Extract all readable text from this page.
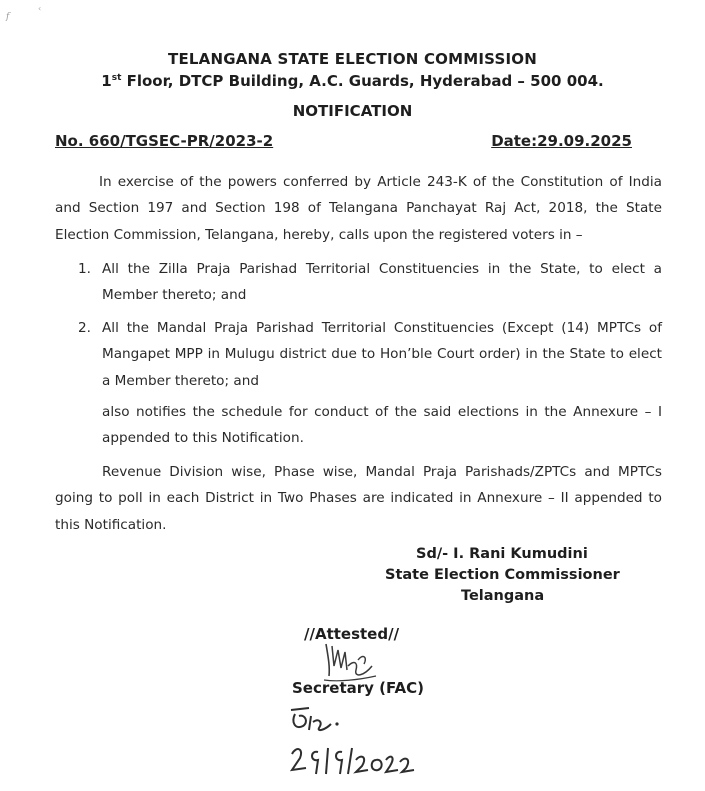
f
‹
TELANGANA STATE ELECTION COMMISSION
1st Floor, DTCP Building, A.C. Guards, Hyderabad – 500 004.
NOTIFICATION
No. 660/TGSEC-PR/2023-2	Date:29.09.2025
In exercise of the powers conferred by Article 243-K of the Constitution of India and Section 197 and Section 198 of Telangana Panchayat Raj Act, 2018, the State Election Commission, Telangana, hereby, calls upon the registered voters in –
1. All the Zilla Praja Parishad Territorial Constituencies in the State, to elect a Member thereto; and
2. All the Mandal Praja Parishad Territorial Constituencies (Except (14) MPTCs of Mangapet MPP in Mulugu district due to Hon’ble Court order) in the State to elect a Member thereto; and
also notifies the schedule for conduct of the said elections in the Annexure – I appended to this Notification.
Revenue Division wise, Phase wise, Mandal Praja Parishads/ZPTCs and MPTCs going to poll in each District in Two Phases are indicated in Annexure – II appended to this Notification.
Sd/- I. Rani Kumudini
State Election Commissioner
Telangana
//Attested//
Secretary (FAC)
